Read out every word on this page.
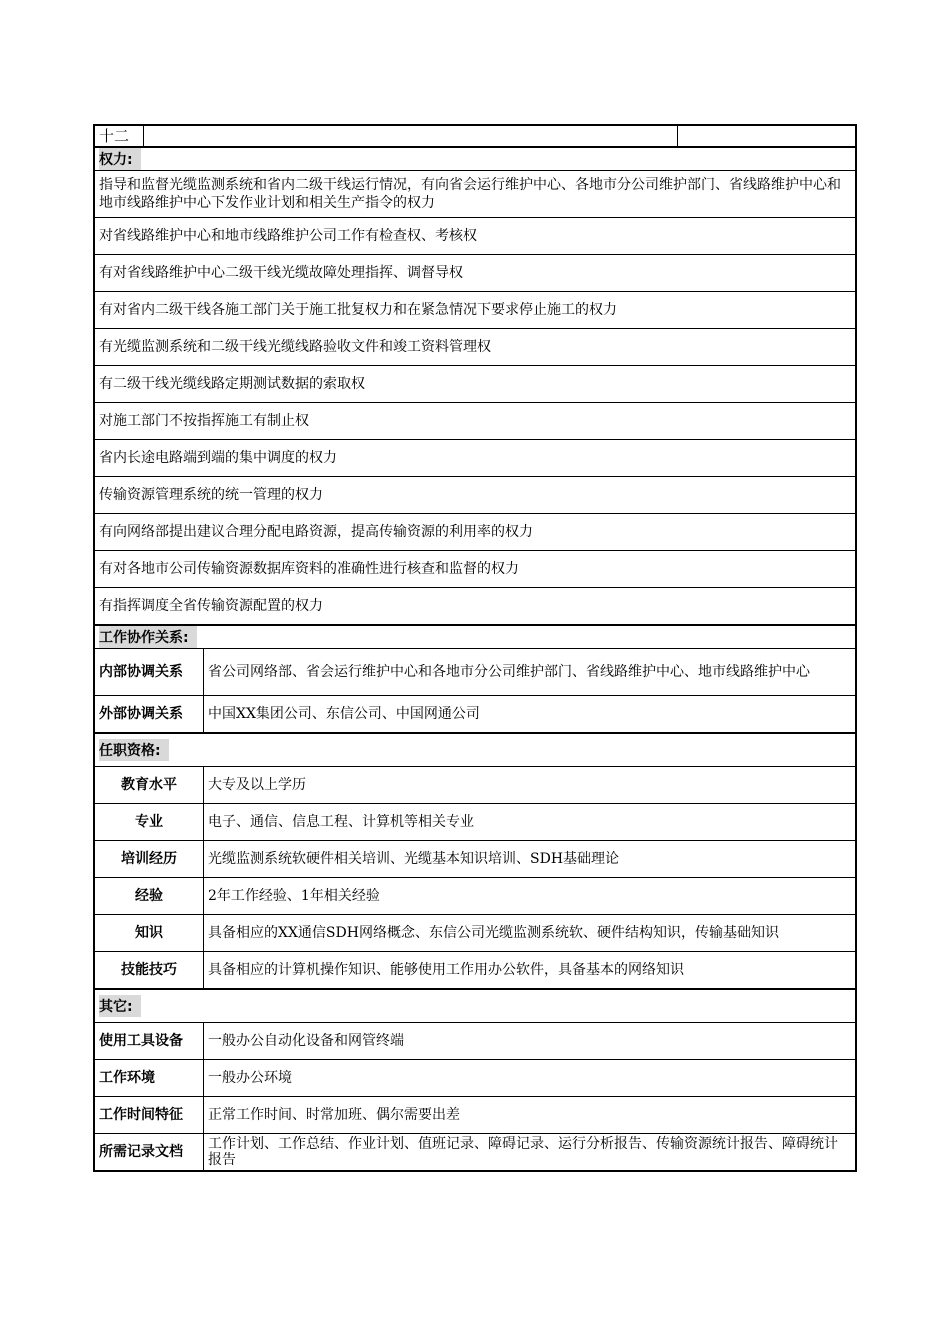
十二
权力:
指导和监督光缆监测系统和省内二级干线运行情况，有向省会运行维护中心、各地市分公司维护部门、省线路维护中心和地市线路维护中心下发作业计划和相关生产指令的权力
对省线路维护中心和地市线路维护公司工作有检查权、考核权
有对省线路维护中心二级干线光缆故障处理指挥、调督导权
有对省内二级干线各施工部门关于施工批复权力和在紧急情况下要求停止施工的权力
有光缆监测系统和二级干线光缆线路验收文件和竣工资料管理权
有二级干线光缆线路定期测试数据的索取权
对施工部门不按指挥施工有制止权
省内长途电路端到端的集中调度的权力
传输资源管理系统的统一管理的权力
有向网络部提出建议合理分配电路资源，提高传输资源的利用率的权力
有对各地市公司传输资源数据库资料的准确性进行核查和监督的权力
有指挥调度全省传输资源配置的权力
工作协作关系:
内部协调关系	省公司网络部、省会运行维护中心和各地市分公司维护部门、省线路维护中心、地市线路维护中心
外部协调关系	中国XX集团公司、东信公司、中国网通公司
任职资格:
教育水平	大专及以上学历
专业	电子、通信、信息工程、计算机等相关专业
培训经历	光缆监测系统软硬件相关培训、光缆基本知识培训、SDH基础理论
经验	2年工作经验、1年相关经验
知识	具备相应的XX通信SDH网络概念、东信公司光缆监测系统软、硬件结构知识，传输基础知识
技能技巧	具备相应的计算机操作知识、能够使用工作用办公软件，具备基本的网络知识
其它:
使用工具设备	一般办公自动化设备和网管终端
工作环境	一般办公环境
工作时间特征	正常工作时间、时常加班、偶尔需要出差
所需记录文档	工作计划、工作总结、作业计划、值班记录、障碍记录、运行分析报告、传输资源统计报告、障碍统计报告
